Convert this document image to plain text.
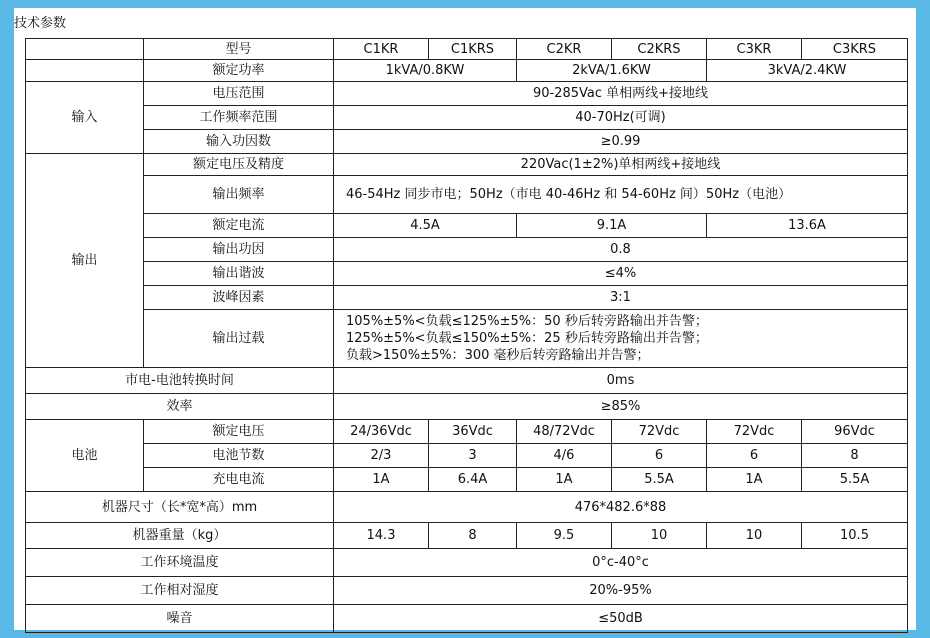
技术参数
	型号	C1KR	C1KRS	C2KR	C2KRS	C3KR	C3KRS
	额定功率	1kVA/0.8KW		2kVA/1.6KW		3kVA/2.4KW	
输入	电压范围	90-285Vac 单相两线+接地线					
	工作频率范围	40-70Hz(可调)					
	输入功因数	≥0.99					
输出	额定电压及精度	220Vac(1±2%)单相两线+接地线					
	输出频率	46-54Hz 同步市电；50Hz（市电 40-46Hz 和 54-60Hz 间）50Hz（电池）					
	额定电流	4.5A		9.1A		13.6A	
	输出功因	0.8					
	输出谐波	≤4%					
	波峰因素	3:1					
	输出过载	105%±5%<负载≤125%±5%：50 秒后转旁路输出并告警；
125%±5%<负载≤150%±5%：25 秒后转旁路输出并告警；
负载>150%±5%：300 毫秒后转旁路输出并告警；					

市电-电池转换时间		0ms					
效率		≥85%					
电池	额定电压	24/36Vdc	36Vdc	48/72Vdc	72Vdc	72Vdc	96Vdc
	电池节数	2/3	3	4/6	6	6	8
	充电电流	1A	6.4A	1A	5.5A	1A	5.5A
机器尺寸（长*宽*高）mm		476*482.6*88					
机器重量（kg）		14.3	8	9.5	10	10	10.5
工作环境温度		0°c-40°c					
工作相对湿度		20%-95%					
噪音		≤50dB					
